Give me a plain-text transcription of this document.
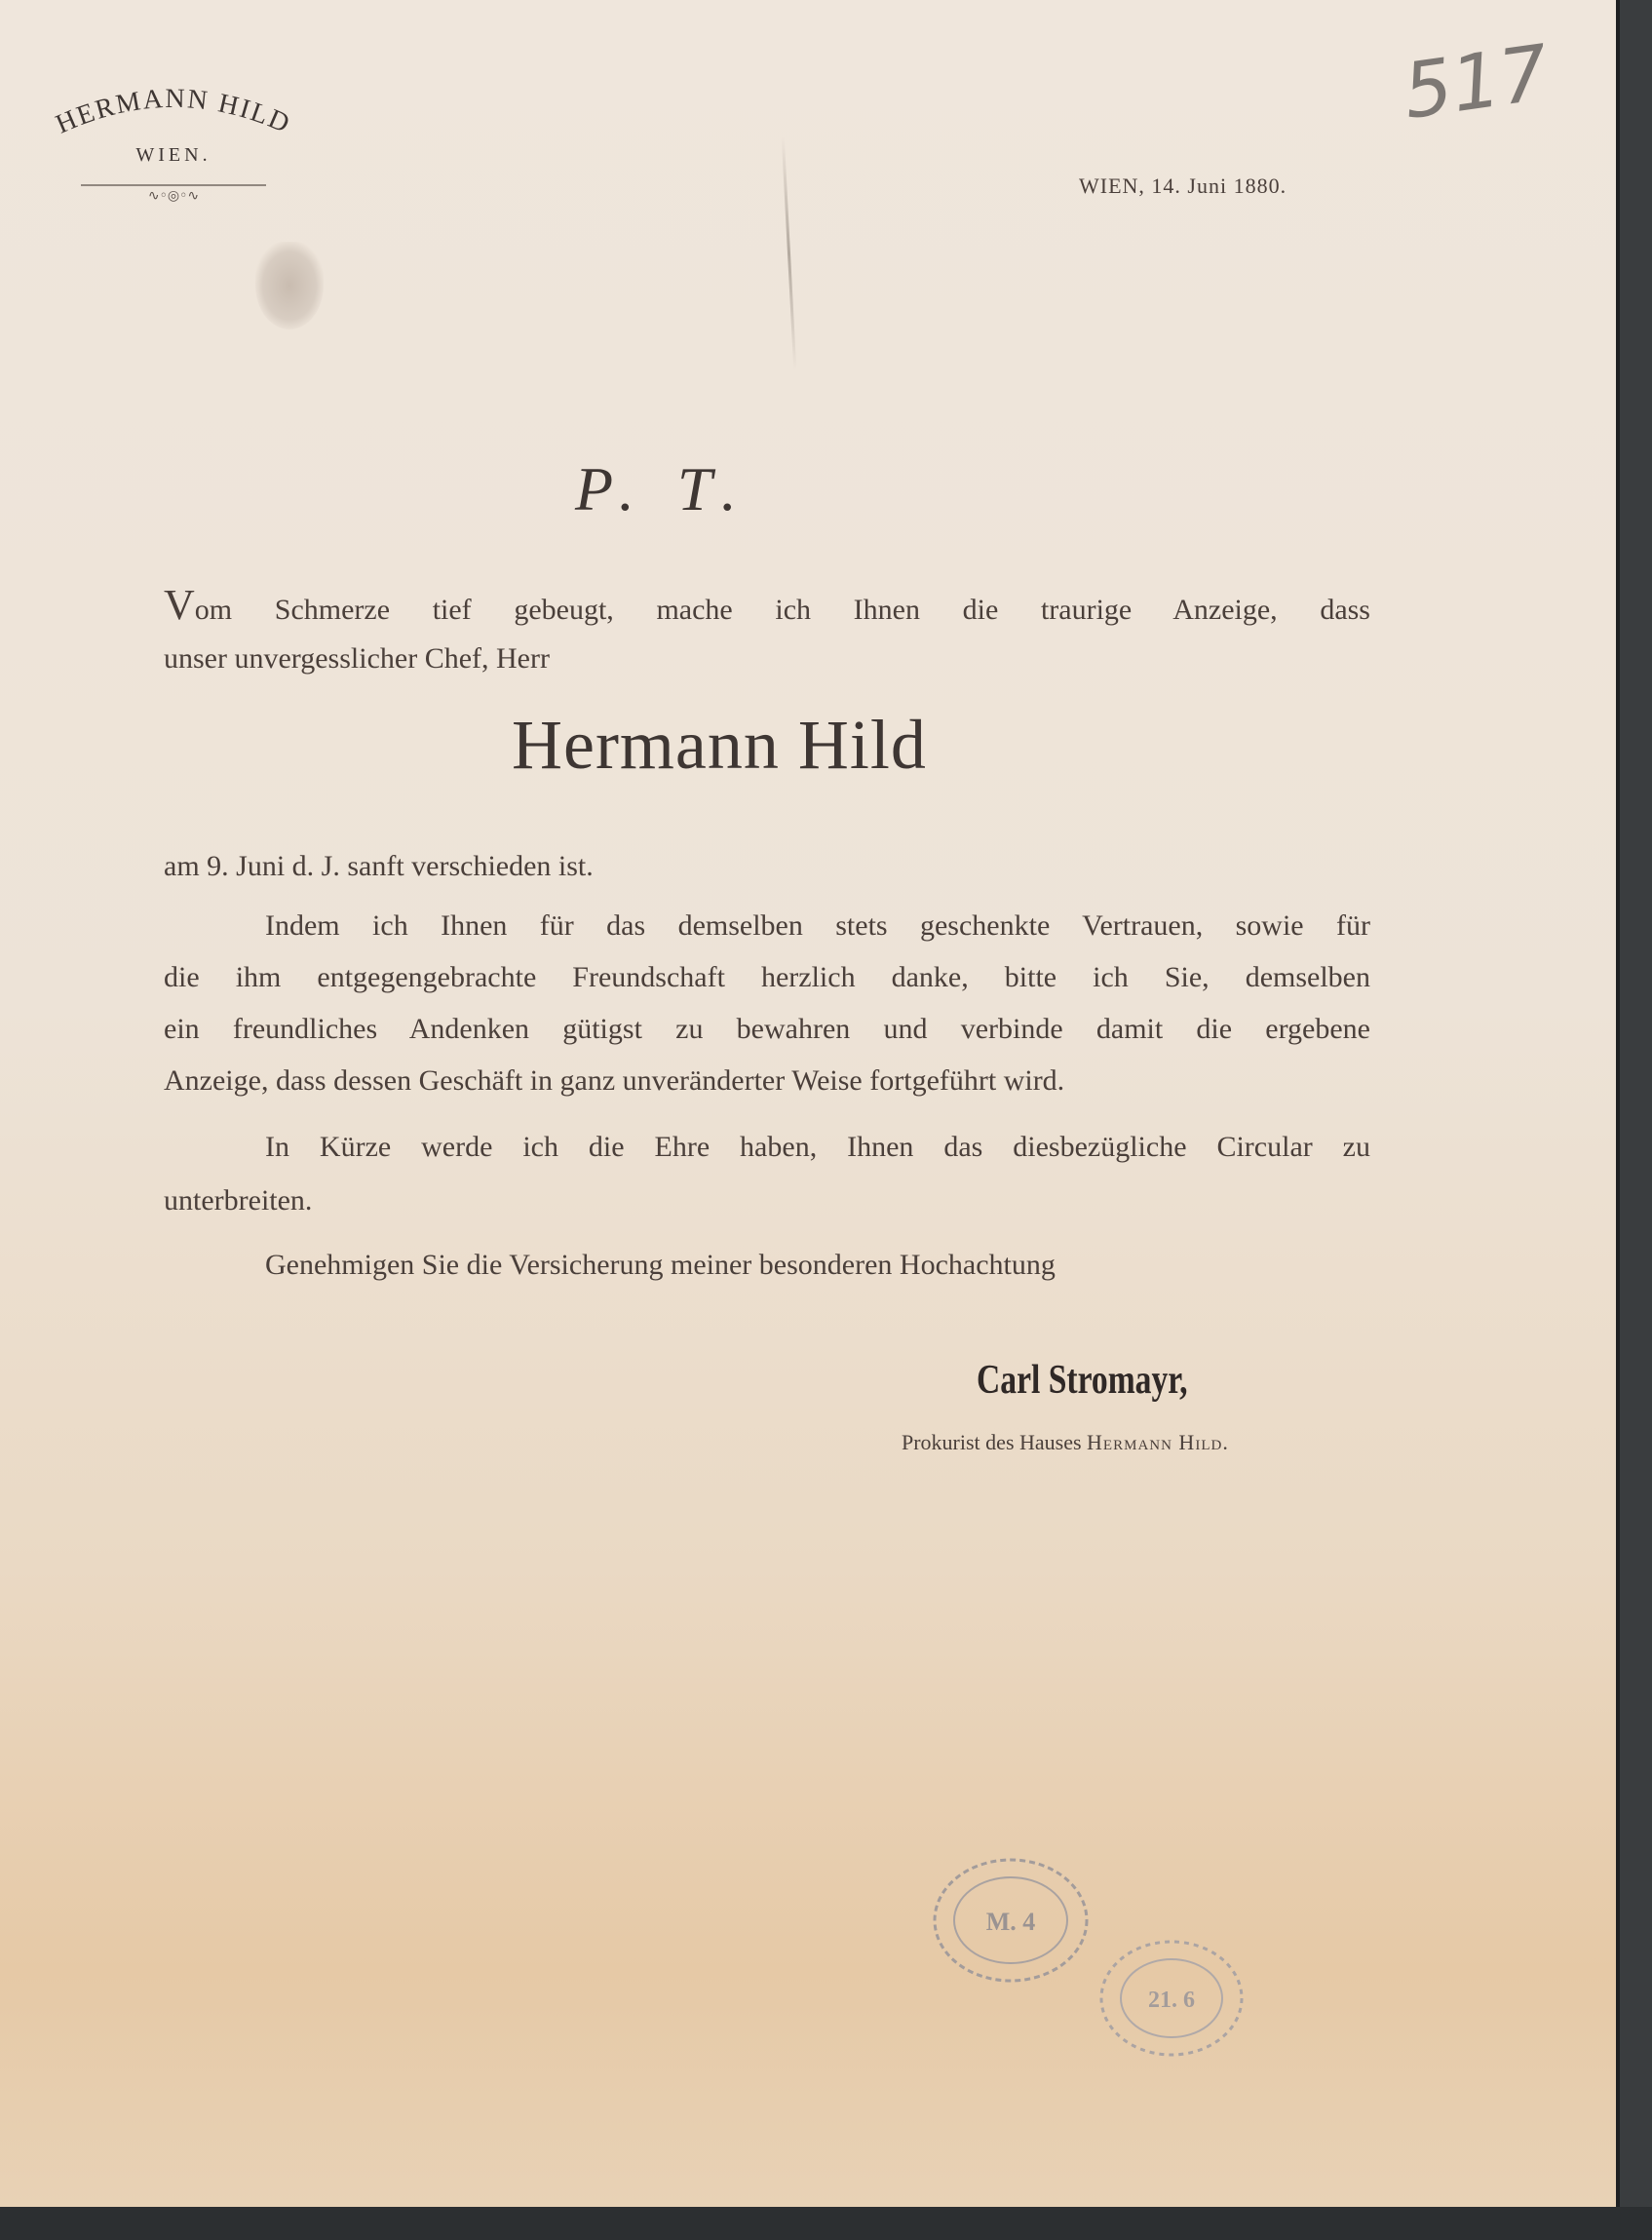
HERMANN HILD
WIEN.
∿◦◎◦∿
517
WIEN, 14. Juni 1880.
P. T.
Vom Schmerze tief gebeugt, mache ich Ihnen die traurige Anzeige, dass
unser unvergesslicher Chef, Herr
Hermann Hild
am 9. Juni d. J. sanft verschieden ist.
Indem ich Ihnen für das demselben stets geschenkte Vertrauen, sowie für
die ihm entgegengebrachte Freundschaft herzlich danke, bitte ich Sie, demselben
ein freundliches Andenken gütigst zu bewahren und verbinde damit die ergebene
Anzeige, dass dessen Geschäft in ganz unveränderter Weise fortgeführt wird.
In Kürze werde ich die Ehre haben, Ihnen das diesbezügliche Circular zu
unterbreiten.
Genehmigen Sie die Versicherung meiner besonderen Hochachtung
Carl Stromayr,
Prokurist des Hauses Hermann Hild.
M. 4
21. 6
